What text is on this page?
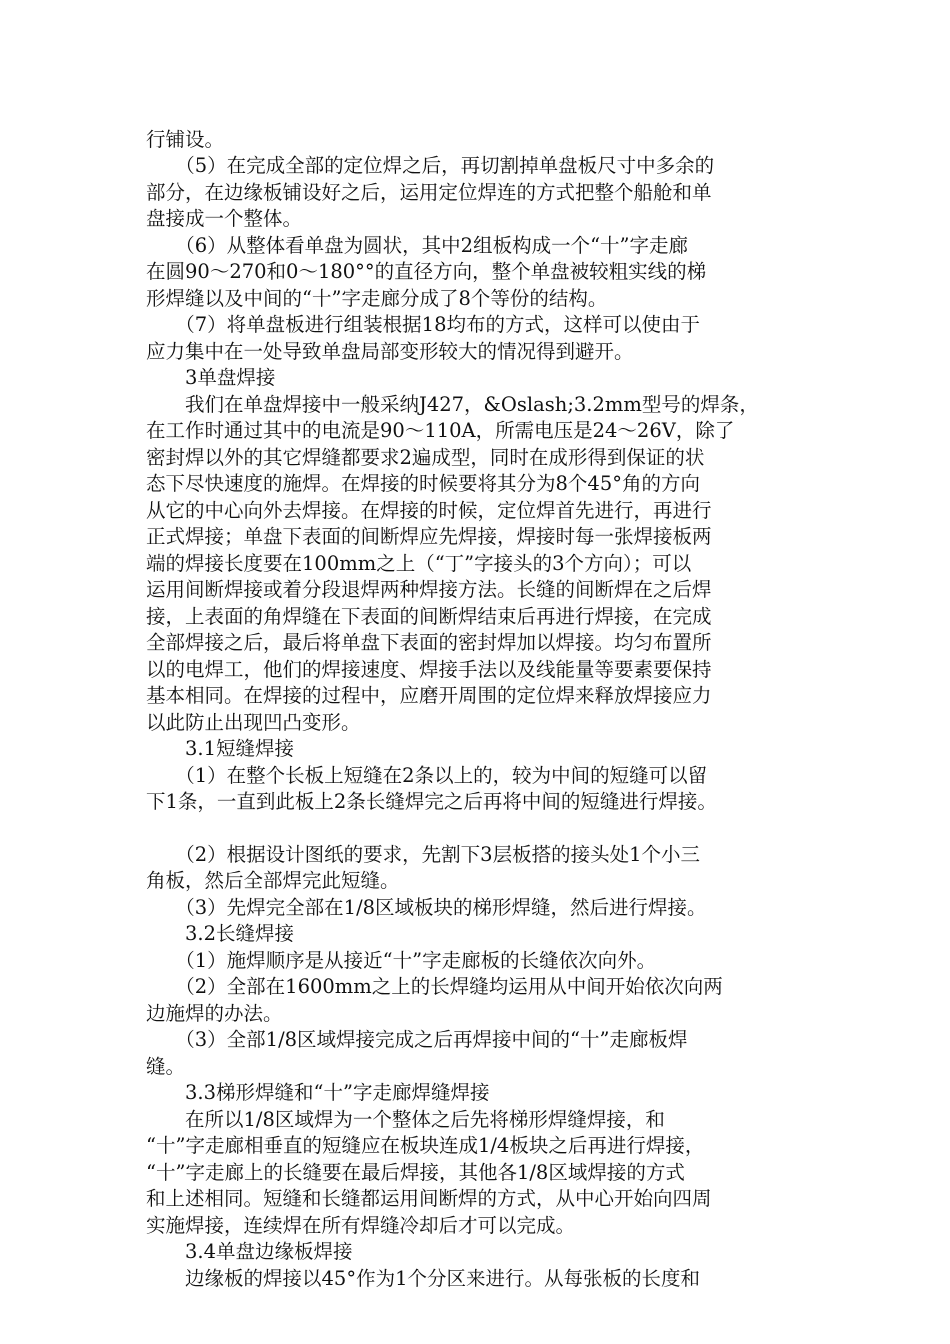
行铺设。
　　（5）在完成全部的定位焊之后，再切割掉单盘板尺寸中多余的
部分，在边缘板铺设好之后，运用定位焊连的方式把整个船舱和单
盘接成一个整体。
　　（6）从整体看单盘为圆状，其中2组板构成一个“十”字走廊
在圆90～270和0～180°°的直径方向，整个单盘被较粗实线的梯
形焊缝以及中间的“十”字走廊分成了8个等份的结构。
　　（7）将单盘板进行组装根据18均布的方式，这样可以使由于
应力集中在一处导致单盘局部变形较大的情况得到避开。
　　3单盘焊接
　　我们在单盘焊接中一般采纳J427，&Oslash;3.2mm型号的焊条，
在工作时通过其中的电流是90～110A，所需电压是24～26V，除了
密封焊以外的其它焊缝都要求2遍成型，同时在成形得到保证的状
态下尽快速度的施焊。在焊接的时候要将其分为8个45°角的方向
从它的中心向外去焊接。在焊接的时候，定位焊首先进行，再进行
正式焊接；单盘下表面的间断焊应先焊接，焊接时每一张焊接板两
端的焊接长度要在100mm之上（“丁”字接头的3个方向）；可以
运用间断焊接或着分段退焊两种焊接方法。长缝的间断焊在之后焊
接，上表面的角焊缝在下表面的间断焊结束后再进行焊接，在完成
全部焊接之后，最后将单盘下表面的密封焊加以焊接。均匀布置所
以的电焊工，他们的焊接速度、焊接手法以及线能量等要素要保持
基本相同。在焊接的过程中，应磨开周围的定位焊来释放焊接应力
以此防止出现凹凸变形。
　　3.1短缝焊接
　　（1）在整个长板上短缝在2条以上的，较为中间的短缝可以留
下1条，一直到此板上2条长缝焊完之后再将中间的短缝进行焊接。
　　（2）根据设计图纸的要求，先割下3层板搭的接头处1个小三
角板，然后全部焊完此短缝。
　　（3）先焊完全部在1/8区域板块的梯形焊缝，然后进行焊接。
　　3.2长缝焊接
　　（1）施焊顺序是从接近“十”字走廊板的长缝依次向外。
　　（2）全部在1600mm之上的长焊缝均运用从中间开始依次向两
边施焊的办法。
　　（3）全部1/8区域焊接完成之后再焊接中间的“十”走廊板焊
缝。
　　3.3梯形焊缝和“十”字走廊焊缝焊接
　　在所以1/8区域焊为一个整体之后先将梯形焊缝焊接，和
“十”字走廊相垂直的短缝应在板块连成1/4板块之后再进行焊接，
“十”字走廊上的长缝要在最后焊接，其他各1/8区域焊接的方式
和上述相同。短缝和长缝都运用间断焊的方式，从中心开始向四周
实施焊接，连续焊在所有焊缝冷却后才可以完成。
　　3.4单盘边缘板焊接
　　边缘板的焊接以45°作为1个分区来进行。从每张板的长度和
